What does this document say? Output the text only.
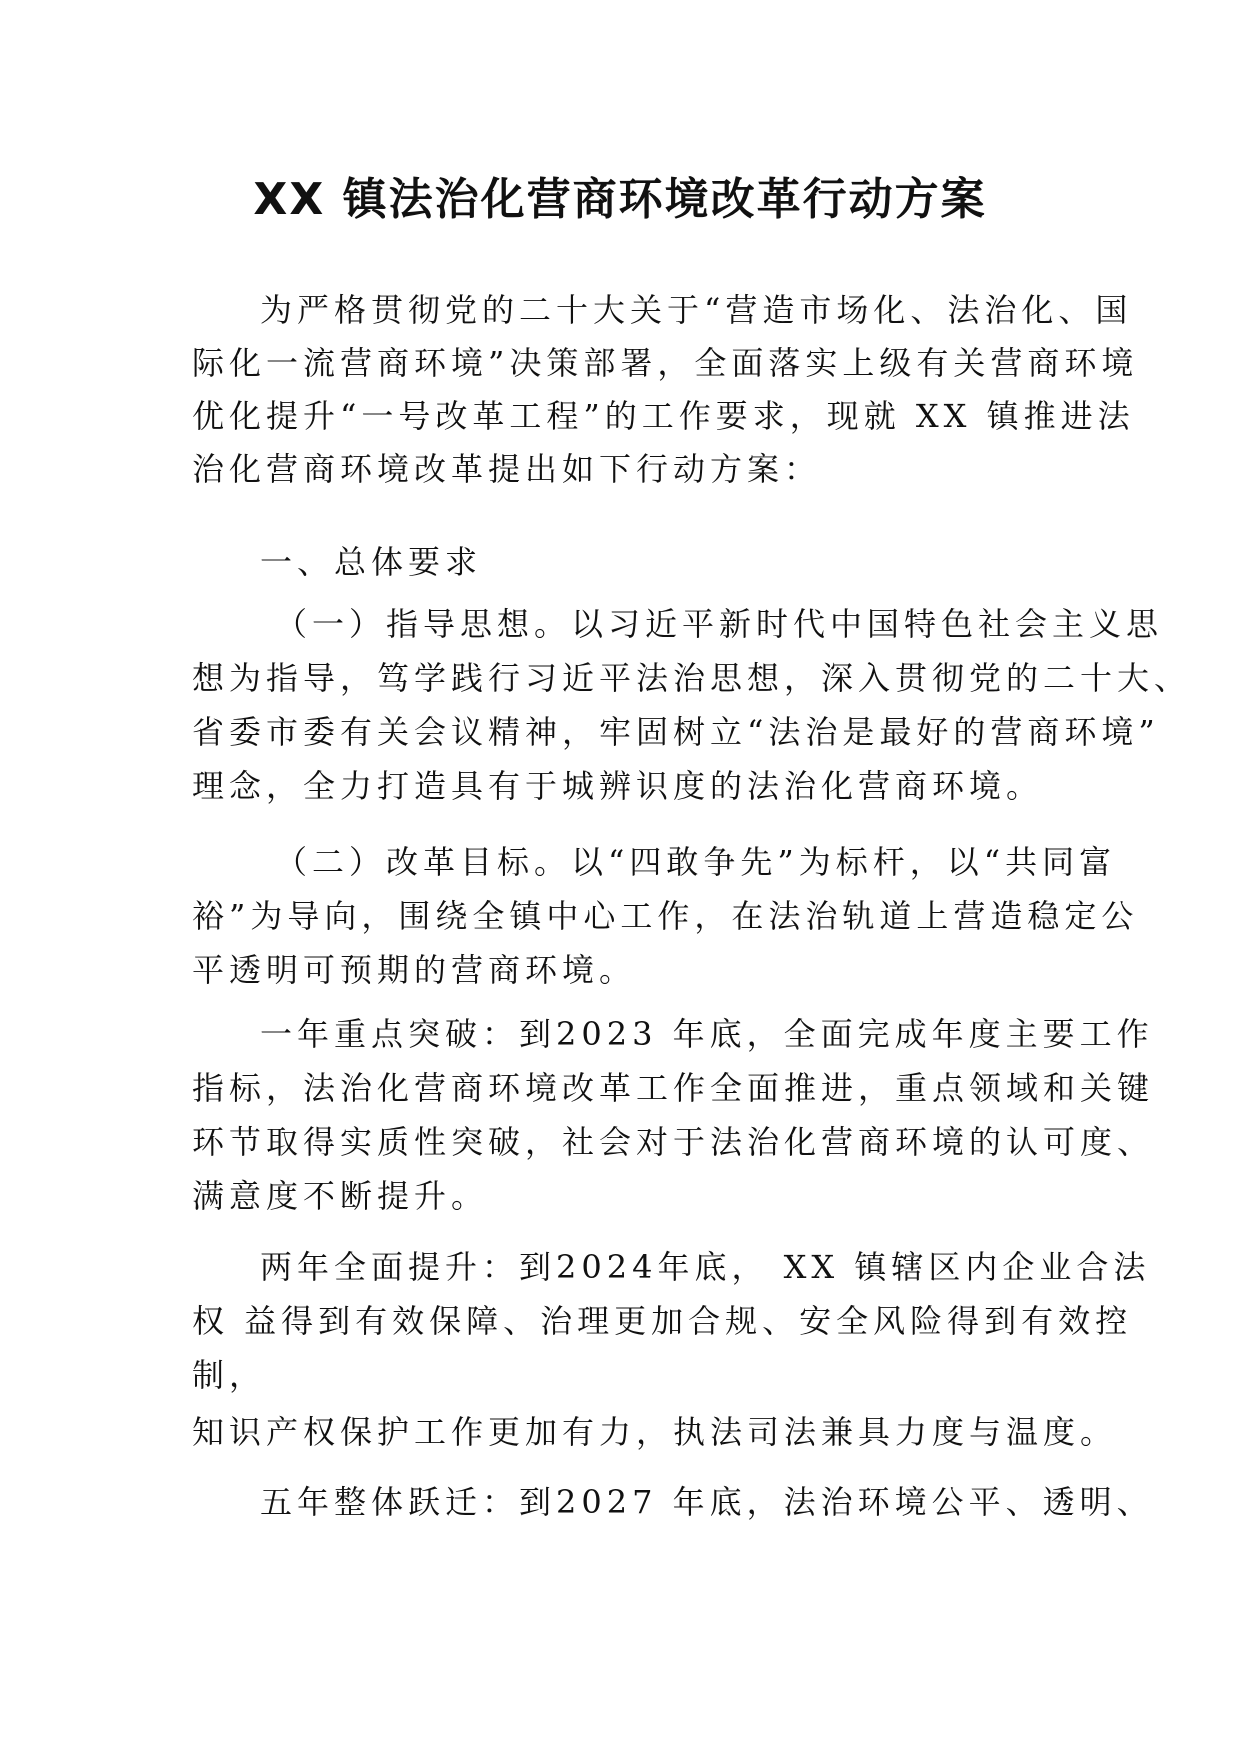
XX 镇法治化营商环境改革行动方案
为严格贯彻党的二十大关于“营造市场化、法治化、国
际化一流营商环境”决策部署，全面落实上级有关营商环境
优化提升“一号改革工程”的工作要求，现就 XX 镇推进法
治化营商环境改革提出如下行动方案：
一、总体要求
（一）指导思想。以习近平新时代中国特色社会主义思
想为指导，笃学践行习近平法治思想，深入贯彻党的二十大、
省委市委有关会议精神，牢固树立“法治是最好的营商环境”
理念，全力打造具有于城辨识度的法治化营商环境。
（二）改革目标。以“四敢争先”为标杆，以“共同富
裕”为导向，围绕全镇中心工作，在法治轨道上营造稳定公
平透明可预期的营商环境。
一年重点突破：到2023 年底，全面完成年度主要工作
指标，法治化营商环境改革工作全面推进，重点领域和关键
环节取得实质性突破，社会对于法治化营商环境的认可度、
满意度不断提升。
两年全面提升：到2024年底， XX 镇辖区内企业合法
权 益得到有效保障、治理更加合规、安全风险得到有效控
制，
知识产权保护工作更加有力，执法司法兼具力度与温度。
五年整体跃迁：到2027 年底，法治环境公平、透明、
